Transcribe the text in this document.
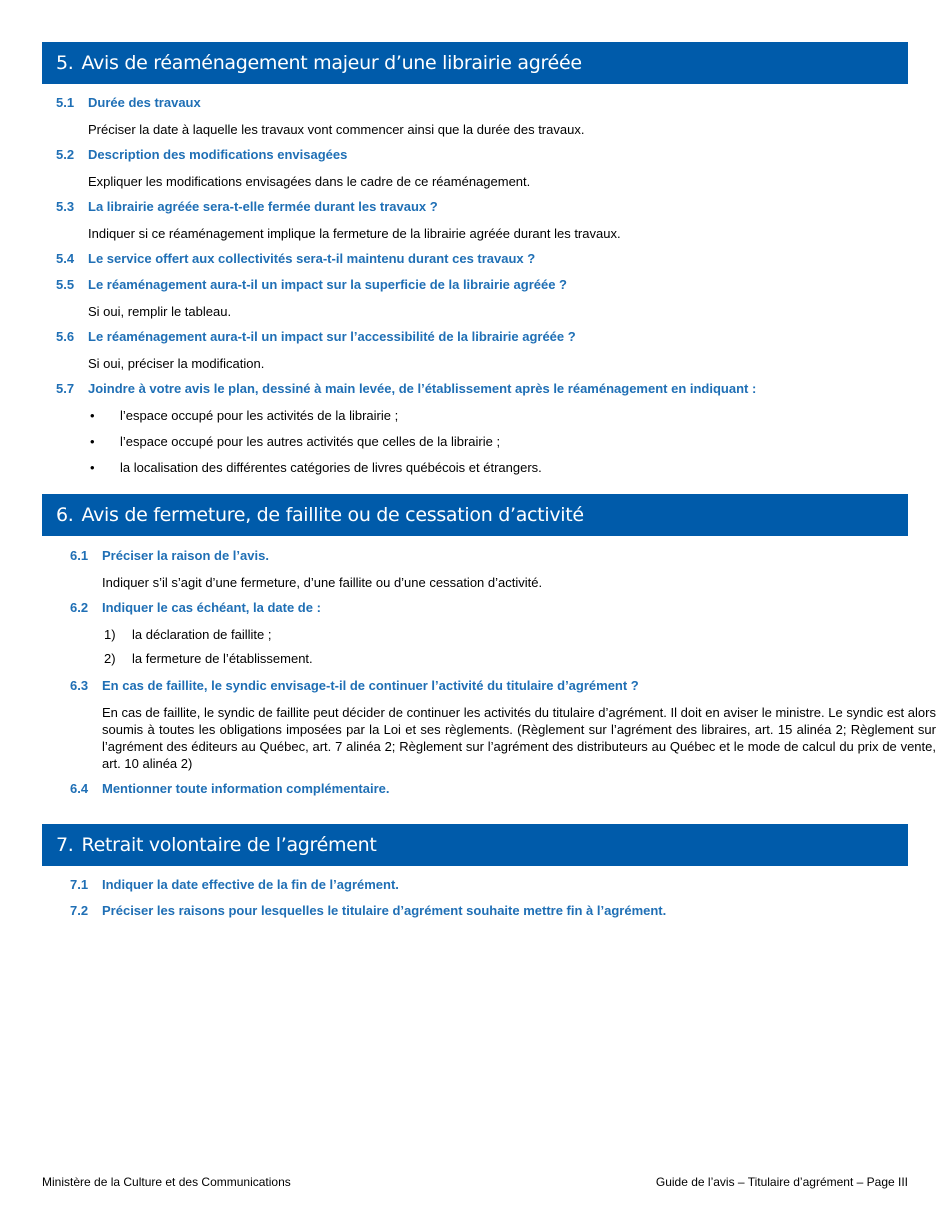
5. Avis de réaménagement majeur d’une librairie agréée
5.1	Durée des travaux

Préciser la date à laquelle les travaux vont commencer ainsi que la durée des travaux.

5.2	Description des modifications envisagées

Expliquer les modifications envisagées dans le cadre de ce réaménagement.

5.3	La librairie agréée sera-t-elle fermée durant les travaux ?

Indiquer si ce réaménagement implique la fermeture de la librairie agréée durant les travaux.

5.4	Le service offert aux collectivités sera-t-il maintenu durant ces travaux ?
5.5	Le réaménagement aura-t-il un impact sur la superficie de la librairie agréée ?

Si oui, remplir le tableau.

5.6	Le réaménagement aura-t-il un impact sur l’accessibilité de la librairie agréée ?

Si oui, préciser la modification.

5.7	Joindre à votre avis le plan, dessiné à main levée, de l’établissement après le réaménagement en indiquant :
•	l’espace occupé pour les activités de la librairie ;
•	l’espace occupé pour les autres activités que celles de la librairie ;
•	la localisation des différentes catégories de livres québécois et étrangers.
6. Avis de fermeture, de faillite ou de cessation d’activité
6.1	Préciser la raison de l’avis.

Indiquer s’il s’agit d’une fermeture, d’une faillite ou d’une cessation d’activité.

6.2	Indiquer le cas échéant, la date de :
1)	la déclaration de faillite ;
2)	la fermeture de l’établissement.
6.3	En cas de faillite, le syndic envisage-t-il de continuer l’activité du titulaire d’agrément ?

En cas de faillite, le syndic de faillite peut décider de continuer les activités du titulaire d’agrément. Il doit en aviser le ministre. Le syndic est alors soumis à toutes les obligations imposées par la Loi et ses règlements. (Règlement sur l’agrément des libraires, art. 15 alinéa 2; Règlement sur l’agrément des éditeurs au Québec, art. 7 alinéa 2; Règlement sur l’agrément des distributeurs au Québec et le mode de calcul du prix de vente, art. 10 alinéa 2)

6.4	Mentionner toute information complémentaire.
7. Retrait volontaire de l’agrément
7.1	Indiquer la date effective de la fin de l’agrément.
7.2	Préciser les raisons pour lesquelles le titulaire d’agrément souhaite mettre fin à l’agrément.
Ministère de la Culture et des Communications	Guide de l’avis – Titulaire d’agrément – Page III
